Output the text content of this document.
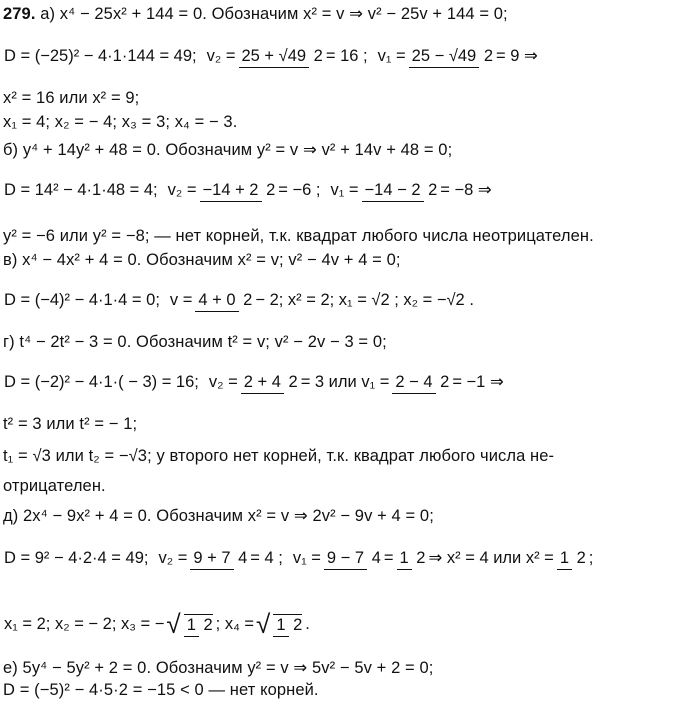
279. а) x⁴ − 25x² + 144 = 0. Обозначим x² = v ⇒ v² − 25v + 144 = 0;
D = (−25)² − 4·1·144 = 49; v₂ = 25 + √49 2 = 16 ; v₁ = 25 − √49 2 = 9 ⇒
x² = 16 или x² = 9;
x₁ = 4; x₂ = − 4; x₃ = 3; x₄ = − 3.
б) y⁴ + 14y² + 48 = 0. Обозначим y² = v ⇒ v² + 14v + 48 = 0;
D = 14² − 4·1·48 = 4; v₂ = −14 + 2 2 = −6 ; v₁ = −14 − 2 2 = −8 ⇒
y² = −6 или y² = −8; — нет корней, т.к. квадрат любого числа неотрицателен.
в) x⁴ − 4x² + 4 = 0. Обозначим x² = v; v² − 4v + 4 = 0;
D = (−4)² − 4·1·4 = 0; v = 4 + 0 2 − 2; x² = 2; x₁ = √2 ; x₂ = −√2 .
г) t⁴ − 2t² − 3 = 0. Обозначим t² = v; v² − 2v − 3 = 0;
D = (−2)² − 4·1·( − 3) = 16; v₂ = 2 + 4 2 = 3 или v₁ = 2 − 4 2 = −1 ⇒
t² = 3 или t² = − 1;
t₁ = √3 или t₂ = −√3; у второго нет корней, т.к. квадрат любого числа не-
отрицателен.
д) 2x⁴ − 9x² + 4 = 0. Обозначим x² = v ⇒ 2v² − 9v + 4 = 0;
D = 9² − 4·2·4 = 49; v₂ = 9 + 7 4 = 4 ; v₁ = 9 − 7 4 = 1 2 ⇒ x² = 4 или x² = 1 2 ;
x₁ = 2; x₂ = − 2; x₃ = − √ 1 2 ; x₄ = √ 1 2 .
е) 5y⁴ − 5y² + 2 = 0. Обозначим y² = v ⇒ 5v² − 5v + 2 = 0;
D = (−5)² − 4·5·2 = −15 < 0 — нет корней.
